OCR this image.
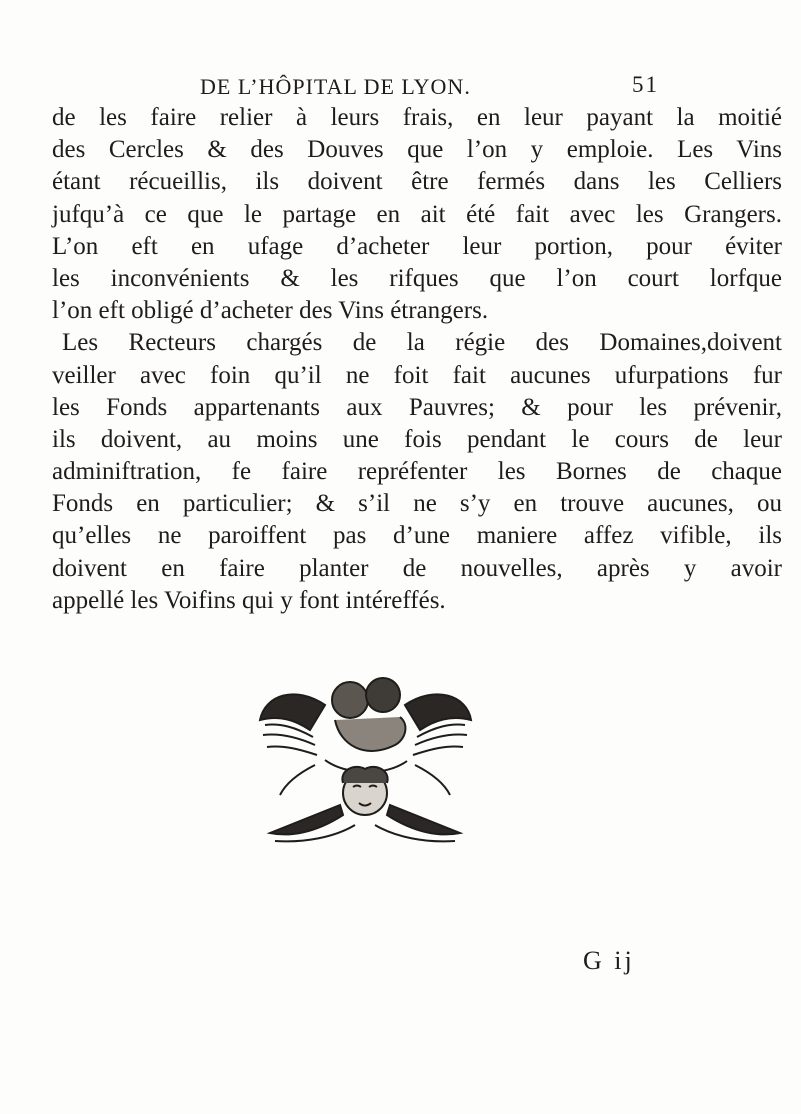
DE L’HÔPITAL DE LYON.	51
de les faire relier à leurs frais, en leur payant la moitié
des Cercles & des Douves que l’on y emploie. Les Vins
étant récueillis, ils doivent être fermés dans les Celliers
jufqu’à ce que le partage en ait été fait avec les Grangers.
L’on eft en ufage d’acheter leur portion, pour éviter
les inconvénients & les rifques que l’on court lorfque
l’on eft obligé d’acheter des Vins étrangers.
Les Recteurs chargés de la régie des Domaines,doivent
veiller avec foin qu’il ne foit fait aucunes ufurpations fur
les Fonds appartenants aux Pauvres; & pour les prévenir,
ils doivent, au moins une fois pendant le cours de leur
adminiftration, fe faire repréfenter les Bornes de chaque
Fonds en particulier; & s’il ne s’y en trouve aucunes, ou
qu’elles ne paroiffent pas d’une maniere affez vifible, ils
doivent en faire planter de nouvelles, après y avoir
appellé les Voifins qui y font intéreffés.
G ij
